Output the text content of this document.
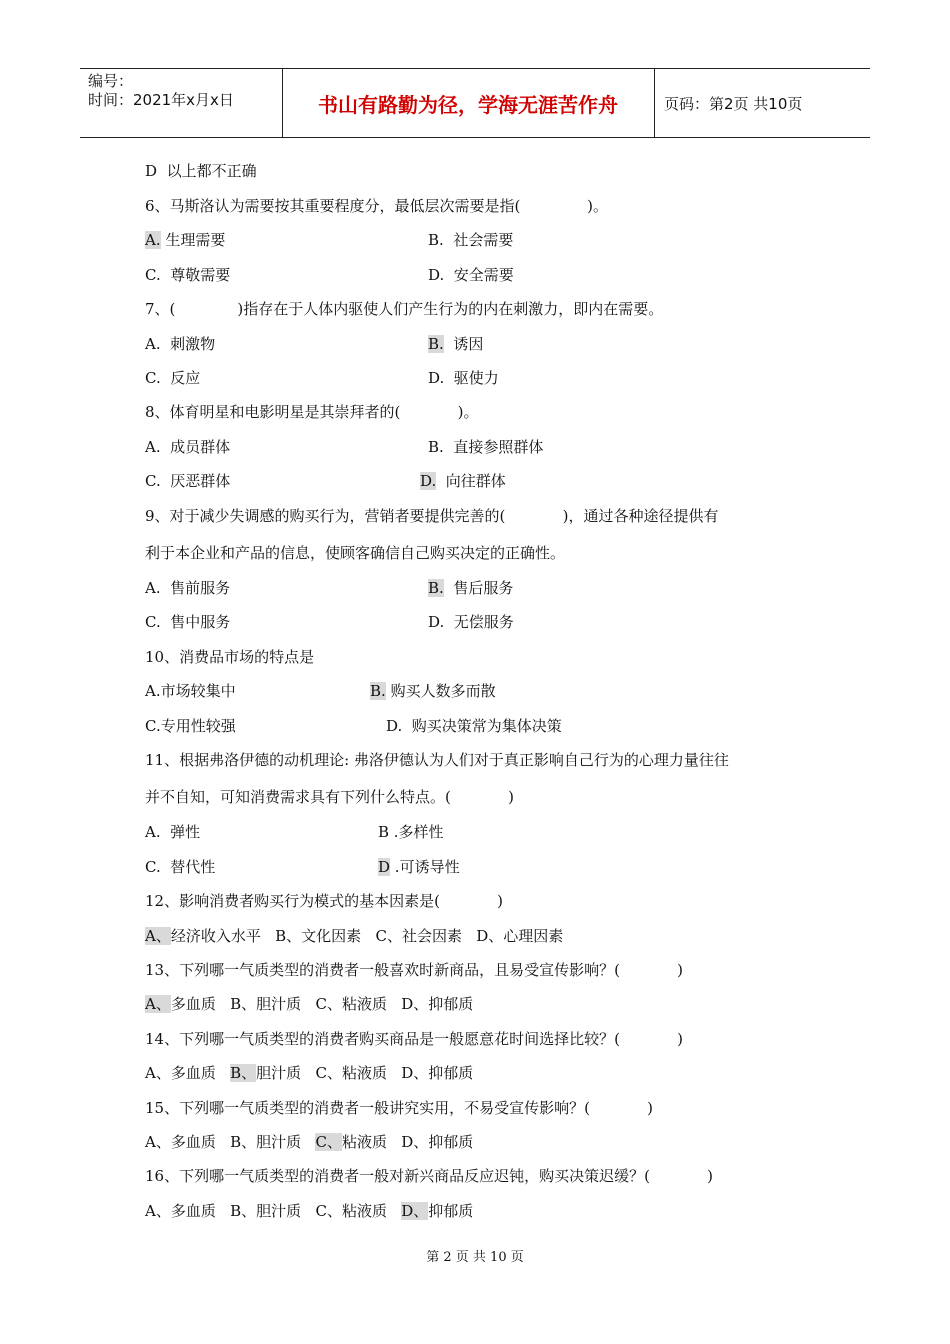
编号：
时间：2021年x月x日	书山有路勤为径，学海无涯苦作舟	页码：第2页 共10页
D  以上都不正确
6、马斯洛认为需要按其重要程度分，最低层次需要是指(              )。
A. 生理需要	B.  社会需要
C.  尊敬需要	D.  安全需要
7、(             )指存在于人体内驱使人们产生行为的内在刺激力，即内在需要。
A.  刺激物	B.  诱因
C.  反应	D.  驱使力
8、体育明星和电影明星是其崇拜者的(            )。
A.  成员群体	B.  直接参照群体
C.  厌恶群体	D.  向往群体
9、对于减少失调感的购买行为，营销者要提供完善的(            )，通过各种途径提供有
利于本企业和产品的信息，使顾客确信自己购买决定的正确性。
A.  售前服务	B.  售后服务
C.  售中服务	D.  无偿服务
10、消费品市场的特点是
A.市场较集中	B. 购买人数多而散
C.专用性较强	D.  购买决策常为集体决策
11、根据弗洛伊德的动机理论: 弗洛伊德认为人们对于真正影响自己行为的心理力量往往
并不自知，可知消费需求具有下列什么特点。(            )
A.  弹性	B .多样性
C.  替代性	D .可诱导性
12、影响消费者购买行为模式的基本因素是(            )
A、经济收入水平   B、文化因素   C、社会因素   D、心理因素
13、下列哪一气质类型的消费者一般喜欢时新商品，且易受宣传影响？(            )
A、多血质   B、胆汁质   C、粘液质   D、抑郁质
14、下列哪一气质类型的消费者购买商品是一般愿意花时间选择比较？(            )
A、多血质   B、胆汁质   C、粘液质   D、抑郁质
15、下列哪一气质类型的消费者一般讲究实用，不易受宣传影响？(            )
A、多血质   B、胆汁质   C、粘液质   D、抑郁质
16、下列哪一气质类型的消费者一般对新兴商品反应迟钝，购买决策迟缓？(            )
A、多血质   B、胆汁质   C、粘液质   D、抑郁质
第 2 页 共 10 页
